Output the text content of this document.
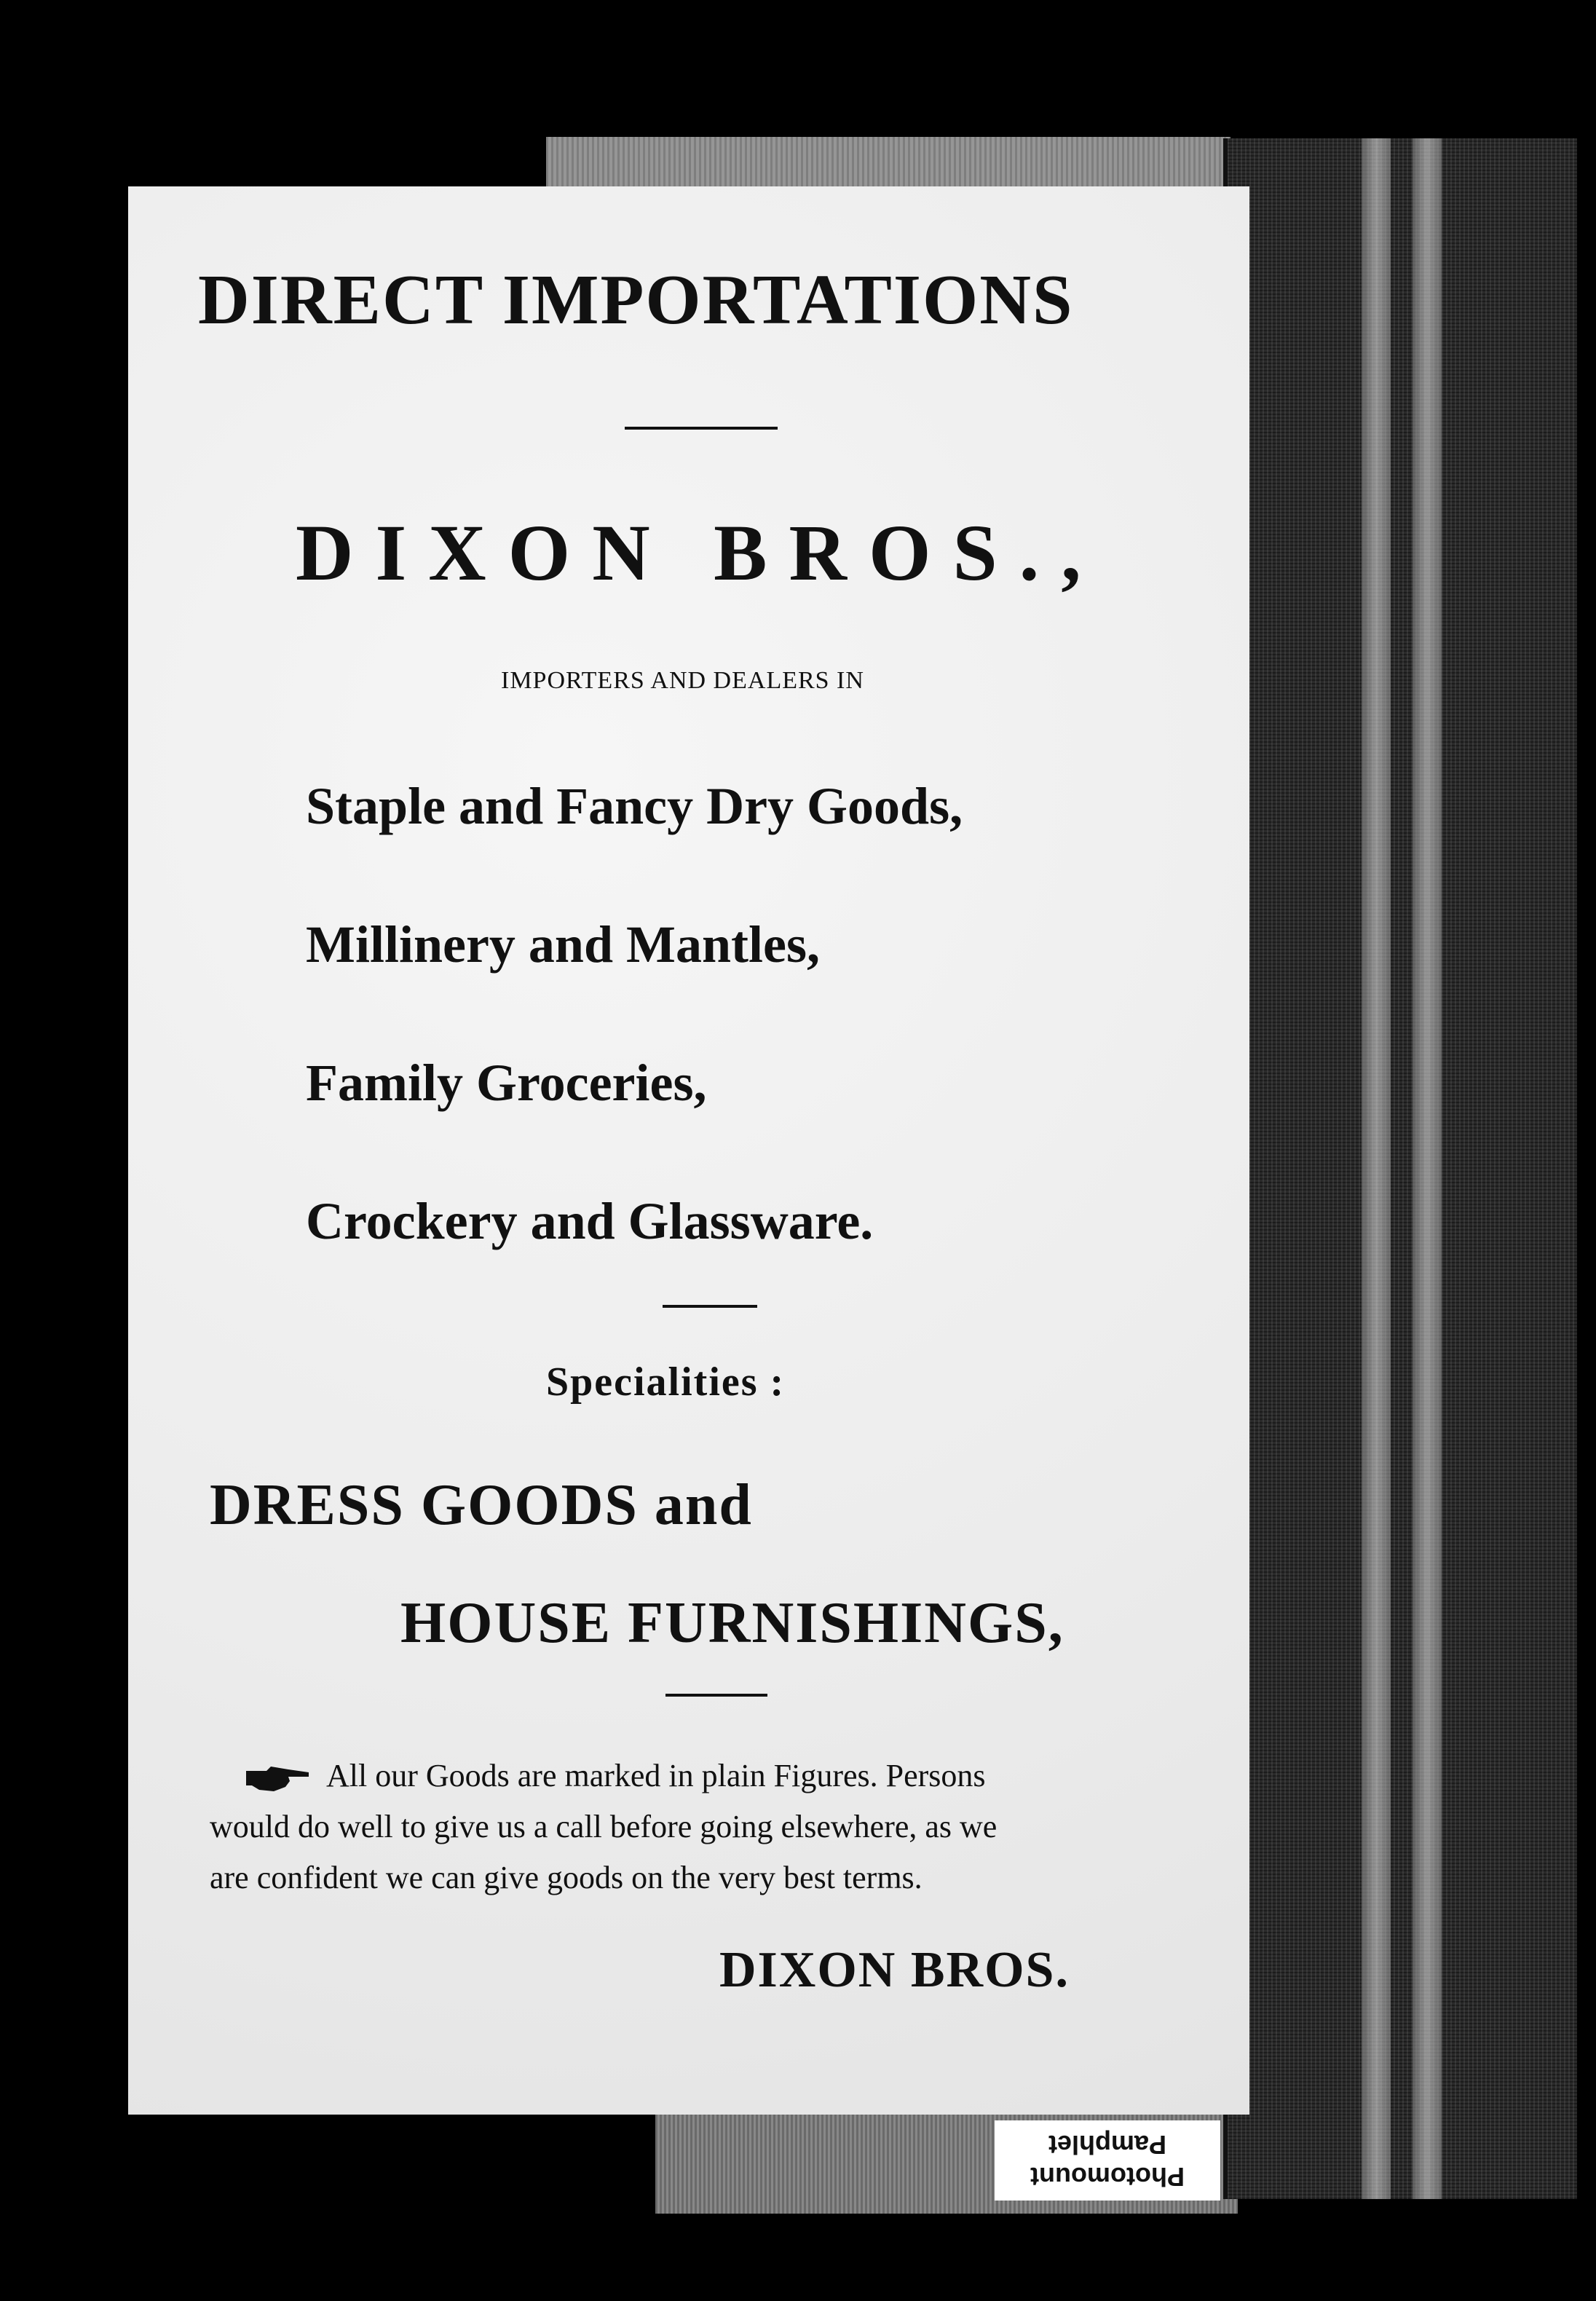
DIRECT IMPORTATIONS
DIXON BROS.,
IMPORTERS AND DEALERS IN
Staple and Fancy Dry Goods,
Millinery and Mantles,
Family Groceries,
Crockery and Glassware.
Specialities :
DRESS GOODS and
HOUSE FURNISHINGS,
All our Goods are marked in plain Figures. Persons
would do well to give us a call before going elsewhere, as we
are confident we can give goods on the very best terms.
DIXON BROS.
Photomount
Pamphlet
